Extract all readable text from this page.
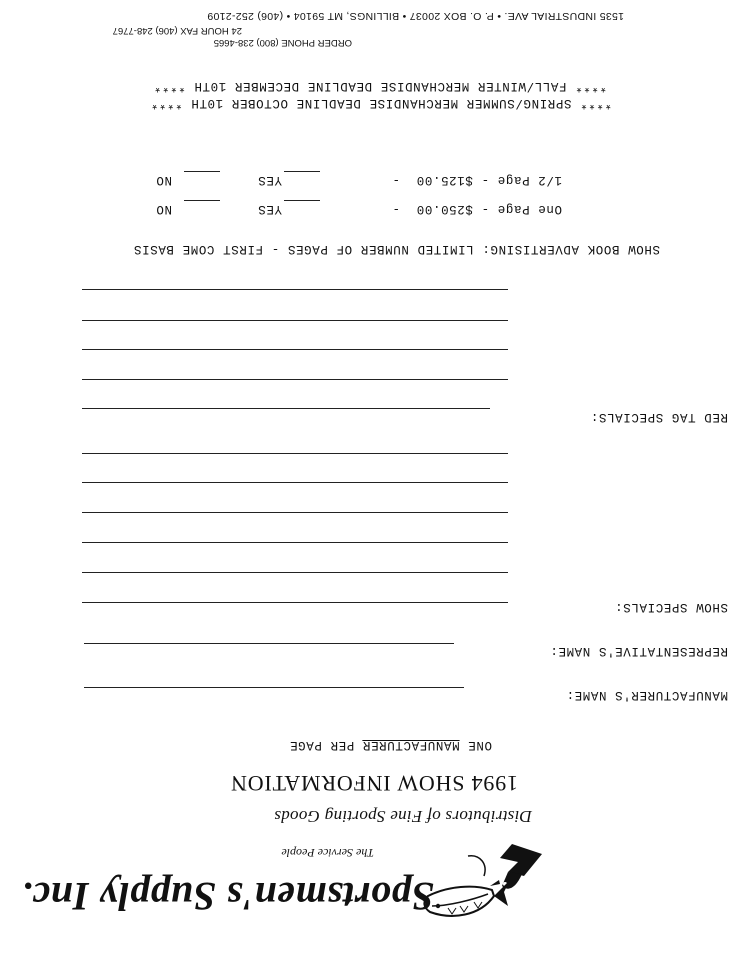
Sportsmen's Supply Inc.
The Service People
Distributors of Fine Sporting Goods
1994 SHOW INFORMATION
ONE MANUFACTURER PER PAGE
MANUFACTURER'S NAME:
REPRESENTATIVE'S NAME:
SHOW SPECIALS:
RED TAG SPECIALS:
SHOW BOOK ADVERTISING: LIMITED NUMBER OF PAGES - FIRST COME BASIS
One Page - $250.00  -
YES
NO
1/2 Page - $125.00  -
YES
NO
**** SPRING/SUMMER MERCHANDISE DEADLINE OCTOBER 10TH ****
**** FALL/WINTER MERCHANDISE DEADLINE DECEMBER 10TH ****
ORDER PHONE (800) 238-4665
24 HOUR FAX (406) 248-7767
1535 INDUSTRIAL AVE. • P. O. BOX 20037 • BILLINGS, MT 59104 • (406) 252-2109
